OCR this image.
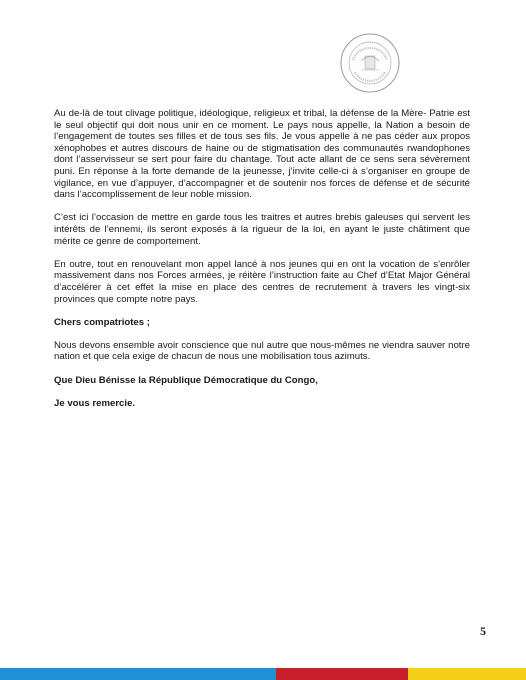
Au de-là de tout clivage politique, idéologique, religieux et tribal, la défense de la Mère- Patrie est le seul objectif qui doit nous unir en ce moment. Le pays nous appelle, la Nation a besoin de l’engagement de toutes ses filles et de tous ses fils. Je vous appelle à ne pas céder aux propos xénophobes et autres discours de haine ou de stigmatisation des communautés rwandophones dont l’asservisseur se sert pour faire du chantage. Tout acte allant de ce sens sera sévèrement puni. En réponse à la forte demande de la jeunesse, j’invite celle-ci à s’organiser en groupe de vigilance, en vue d’appuyer, d’accompagner et de soutenir nos forces de défense et de sécurité dans l’accomplissement de leur noble mission.

C’est ici l’occasion de mettre en garde tous les traitres et autres brebis galeuses qui servent les intérêts de l’ennemi, ils seront exposés à la rigueur de la loi, en ayant le juste châtiment que mérite ce genre de comportement.

En outre, tout en renouvelant mon appel lancé à nos jeunes qui en ont la vocation de s’enrôler massivement dans nos Forces armées, je réitère l’instruction faite au Chef d’Etat Major Général d’accélérer à cet effet la mise en place des centres de recrutement à travers les vingt-six provinces que compte notre pays.

Chers compatriotes ;

Nous devons ensemble avoir conscience que nul autre que nous-mêmes ne viendra sauver notre nation et que cela exige de chacun de nous une mobilisation tous azimuts.

Que Dieu Bénisse la République Démocratique du Congo,

Je vous remercie.

5
